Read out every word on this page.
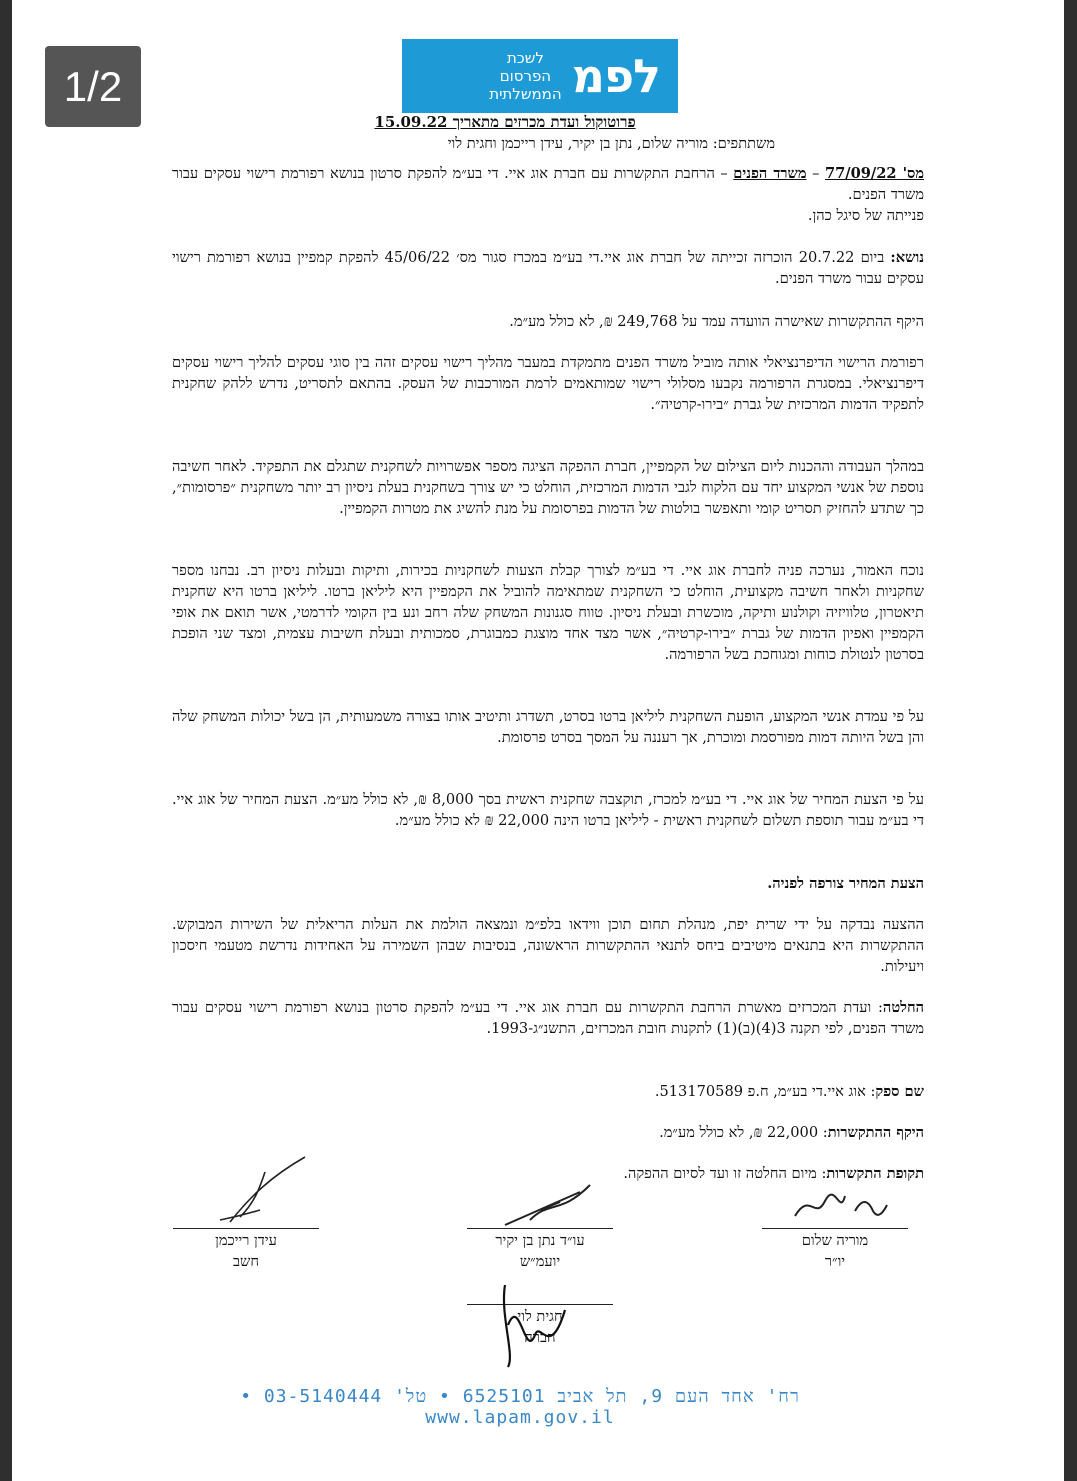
1/2	לפמ
לשכת
הפרסום
הממשלתית
פרוטוקול ועדת מכרזים מתאריך 15.09.22
משתתפים: מוריה שלום, נתן בן יקיר, עידן רייכמן וחגית לוי
מס' 77/09/22 – משרד הפנים – הרחבת התקשרות עם חברת אוג איי. די בע״מ להפקת סרטון בנושא רפורמת רישוי עסקים עבור משרד הפנים.
פנייתה של סיגל כהן.
נושא: ביום 20.7.22 הוכרזה זכייתה של חברת אוג איי.די בע״מ במכרז סגור מס׳ 45/06/22 להפקת קמפיין בנושא רפורמת רישוי עסקים עבור משרד הפנים.
היקף ההתקשרות שאישרה הוועדה עמד על 249,768 ₪, לא כולל מע״מ.
רפורמת הרישוי הדיפרנציאלי אותה מוביל משרד הפנים מתמקדת במעבר מהליך רישוי עסקים זהה בין סוגי עסקים להליך רישוי עסקים דיפרנציאלי. במסגרת הרפורמה נקבעו מסלולי רישוי שמותאמים לרמת המורכבות של העסק. בהתאם לתסריט, נדרש ללהק שחקנית לתפקיד הדמות המרכזית של גברת ״בירו-קרטיה״.
במהלך העבודה וההכנות ליום הצילום של הקמפיין, חברת ההפקה הציגה מספר אפשרויות לשחקנית שתגלם את התפקיד. לאחר חשיבה נוספת של אנשי המקצוע יחד עם הלקוח לגבי הדמות המרכזית, הוחלט כי יש צורך בשחקנית בעלת ניסיון רב יותר משחקנית ״פרסומות״, כך שתדע להחזיק תסריט קומי ותאפשר בולטות של הדמות בפרסומת על מנת להשיג את מטרות הקמפיין.
נוכח האמור, נערכה פניה לחברת אוג איי. די בע״מ לצורך קבלת הצעות לשחקניות בכירות, ותיקות ובעלות ניסיון רב. נבחנו מספר שחקניות ולאחר חשיבה מקצועית, הוחלט כי השחקנית שמתאימה להוביל את הקמפיין היא ליליאן ברטו. ליליאן ברטו היא שחקנית תיאטרון, טלוויזיה וקולנוע ותיקה, מוכשרת ובעלת ניסיון. טווח סגנונות המשחק שלה רחב ונע בין הקומי לדרמטי, אשר תואם את אופי הקמפיין ואפיון הדמות של גברת ״בירו-קרטיה״, אשר מצד אחד מוצגת כמבוגרת, סמכותית ובעלת חשיבות עצמית, ומצד שני הופכת בסרטון לנטולת כוחות ומגוחכת בשל הרפורמה.
על פי עמדת אנשי המקצוע, הופעת השחקנית ליליאן ברטו בסרט, תשדרג ותיטיב אותו בצורה משמעותית, הן בשל יכולות המשחק שלה והן בשל היותה דמות מפורסמת ומוכרת, אך רעננה על המסך בסרט פרסומת.
על פי הצעת המחיר של אוג איי. די בע״מ למכרז, תוקצבה שחקנית ראשית בסך 8,000 ₪, לא כולל מע״מ. הצעת המחיר של אוג איי. די בע״מ עבור תוספת תשלום לשחקנית ראשית - ליליאן ברטו הינה 22,000 ₪ לא כולל מע״מ.
הצעת המחיר צורפה לפניה.
ההצעה נבדקה על ידי שרית יפת, מנהלת תחום תוכן ווידאו בלפ״מ ונמצאה הולמת את העלות הריאלית של השירות המבוקש. ההתקשרות היא בתנאים מיטיבים ביחס לתנאי ההתקשרות הראשונה, בנסיבות שבהן השמירה על האחידות נדרשת מטעמי חיסכון ויעילות.
החלטה: ועדת המכרזים מאשרת הרחבת התקשרות עם חברת אוג איי. די בע״מ להפקת סרטון בנושא רפורמת רישוי עסקים עבור משרד הפנים, לפי תקנה 3(4)(ב)(1) לתקנות חובת המכרזים, התשנ״ג-1993.
שם ספק: אוג איי.די בע״מ, ח.פ 513170589.
היקף ההתקשרות: 22,000 ₪, לא כולל מע״מ.
תקופת התקשרות: מיום החלטה זו ועד לסיום ההפקה.
מוריה שלום
יו״ר
עו״ד נתן בן יקיר
יועמ״ש
עידן רייכמן
חשב
חגית לוי
חברה
רח' אחד העם 9, תל אביב 6525101 • טל' 03-5140444 • www.lapam.gov.il
